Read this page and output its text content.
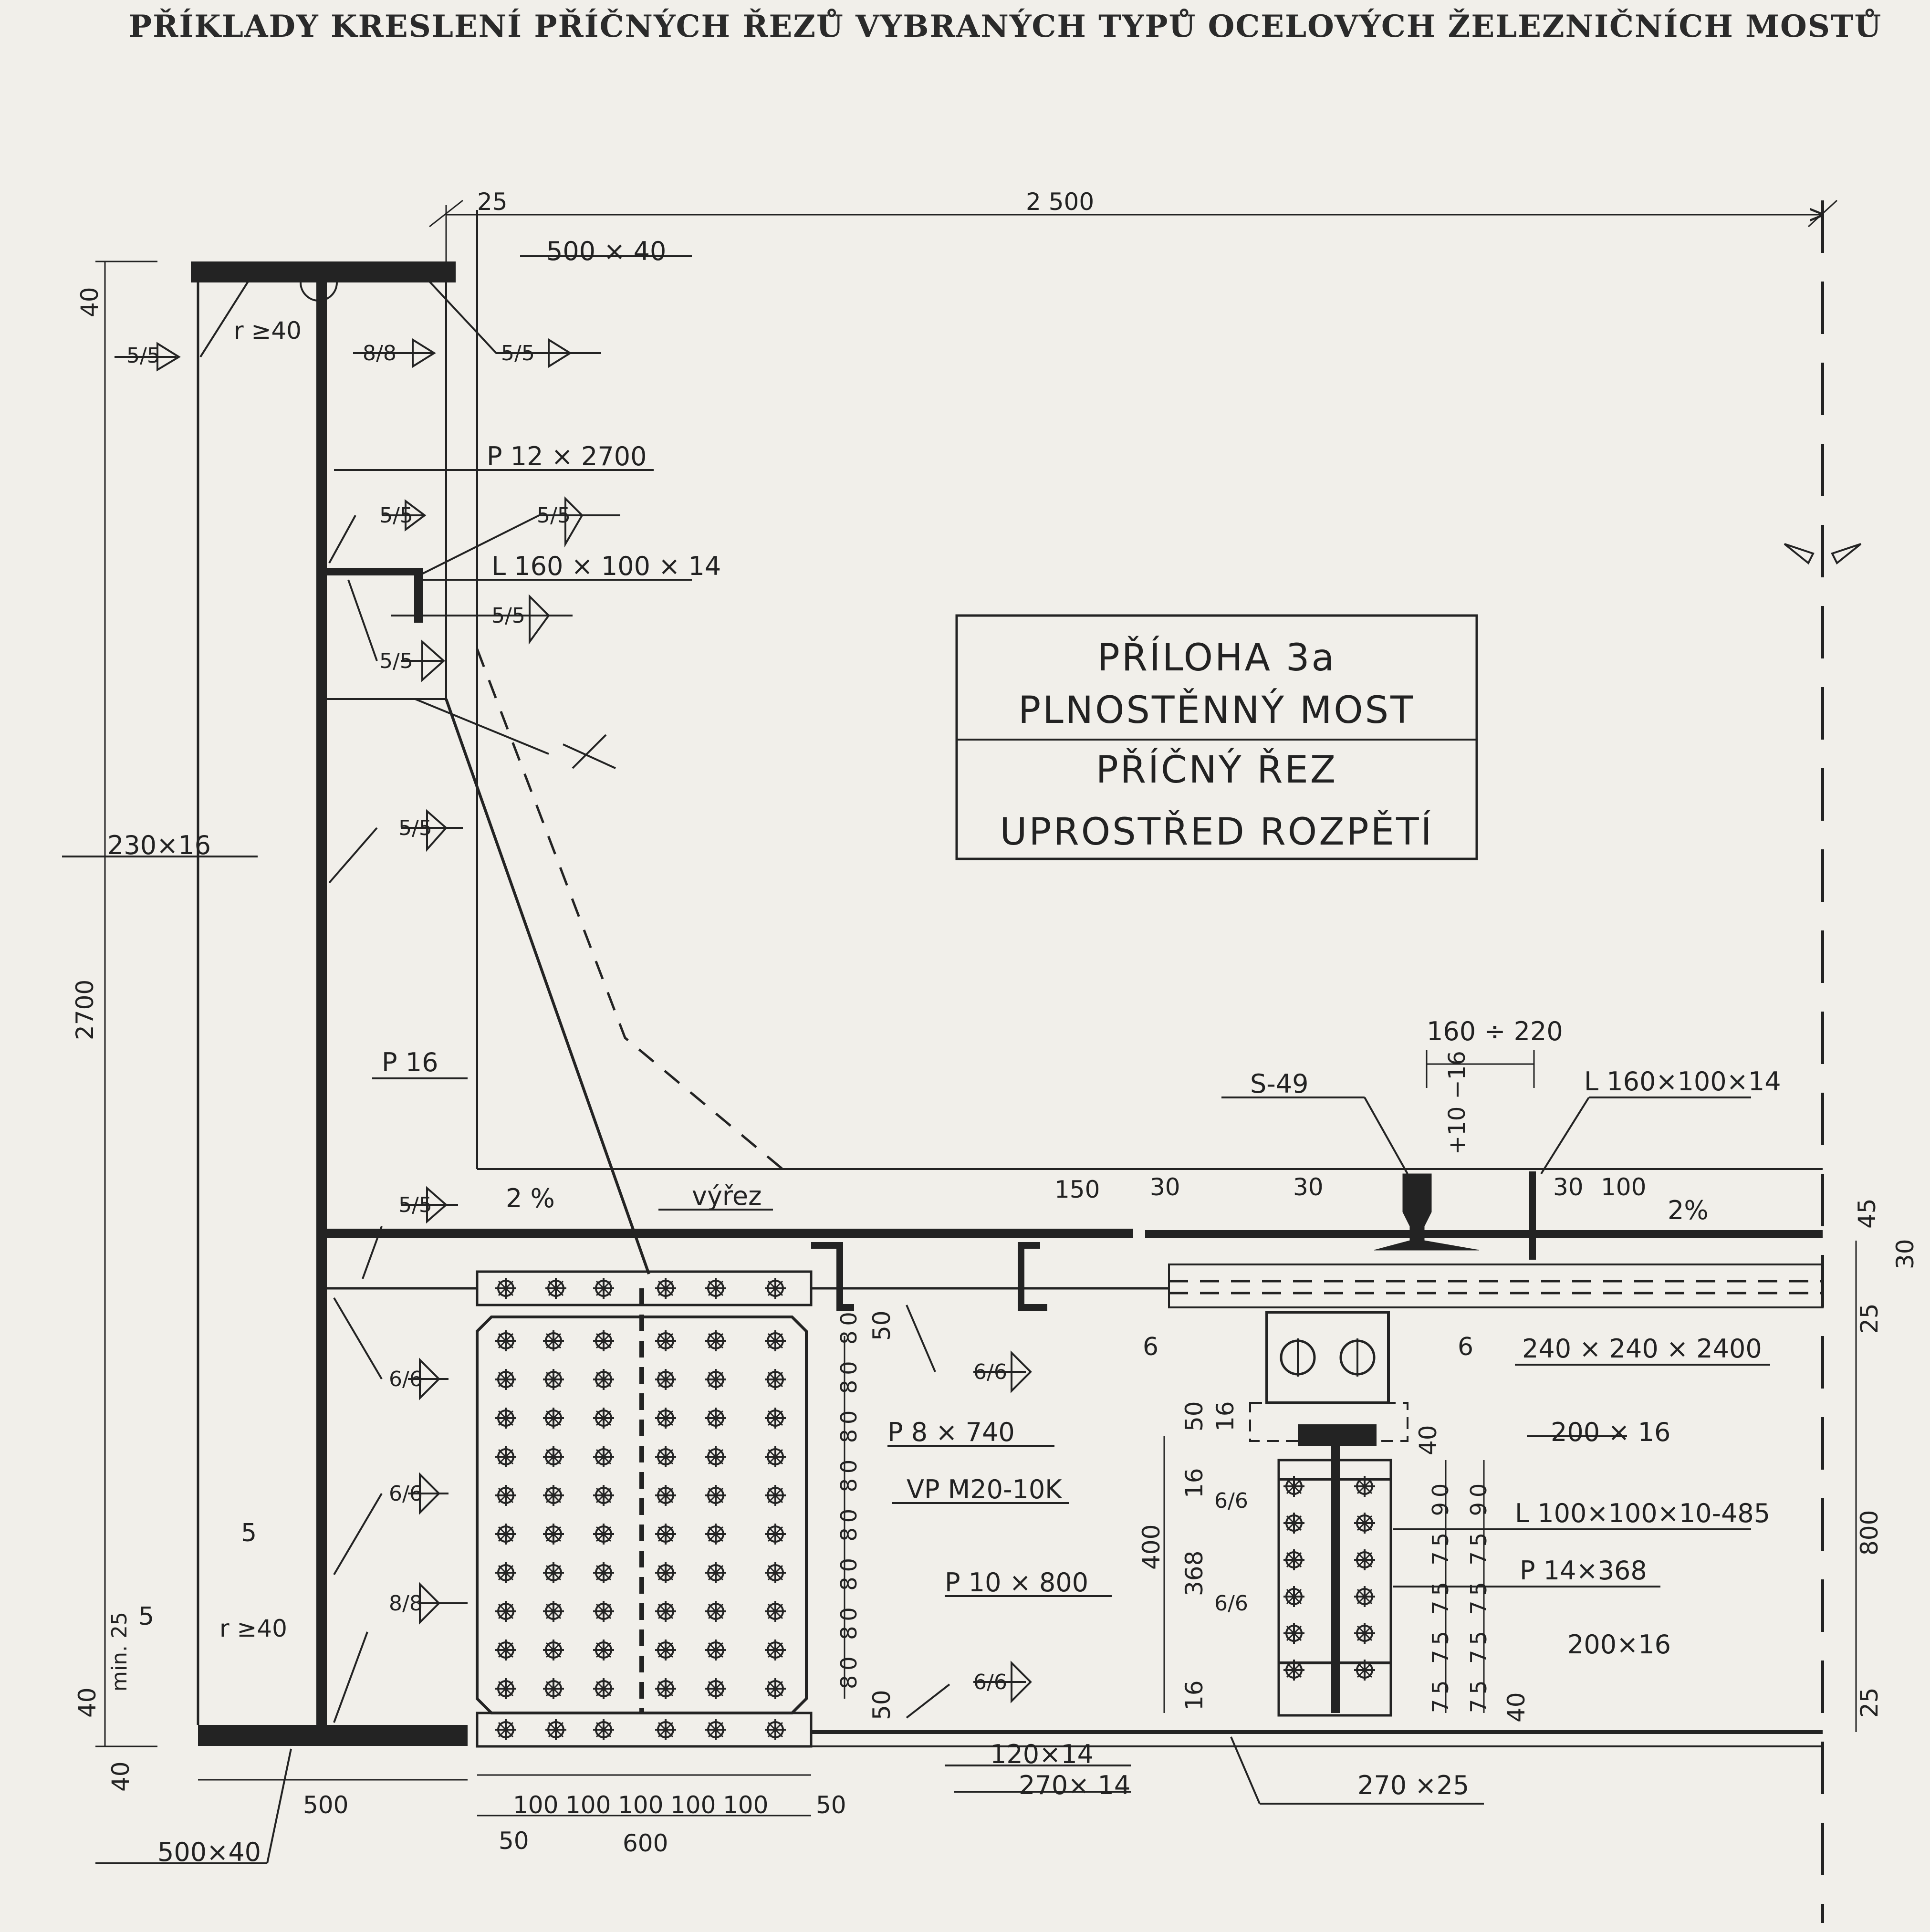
PŘÍKLADY KRESLENÍ PŘÍČNÝCH ŘEZŮ VYBRANÝCH TYPŮ OCELOVÝCH ŽELEZNIČNÍCH MOSTŮ
PŘÍLOHA 3a
PLNOSTĚNNÝ MOST
PŘÍČNÝ ŘEZ
UPROSTŘED ROZPĚTÍ
500 × 40
P 12 × 2700
L 160 × 100 × 14
230×16
P 16
výřez
2 %	2%
S-49	L 160×100×14
160 ÷ 220
+10 −16
P 8 × 740
VP M20-10K
P 10 × 800
240 × 240 × 2400
200 × 16
L 100×100×10-485
P 14×368
200×16
120×14
270× 14	270 ×25
500×40
r ≥40
r ≥40
min. 25
2 500
25
40
2700
40
40
500	100 100 100 100 100 50
50	600
150 30	30	30 100
45
30
25
800
25
50
50
80 80 80 80 80 80 80 80	400
368
16
16
50 16
40
40
75 75 75 75 90 75 75 75 75 90
5/5	8/8	5/5
5/5	5/5
5/5
5/5
5/5
5/5
6/6
6/6
8/8
6/6
6/6
6/6
6/6
6	6
5
5
